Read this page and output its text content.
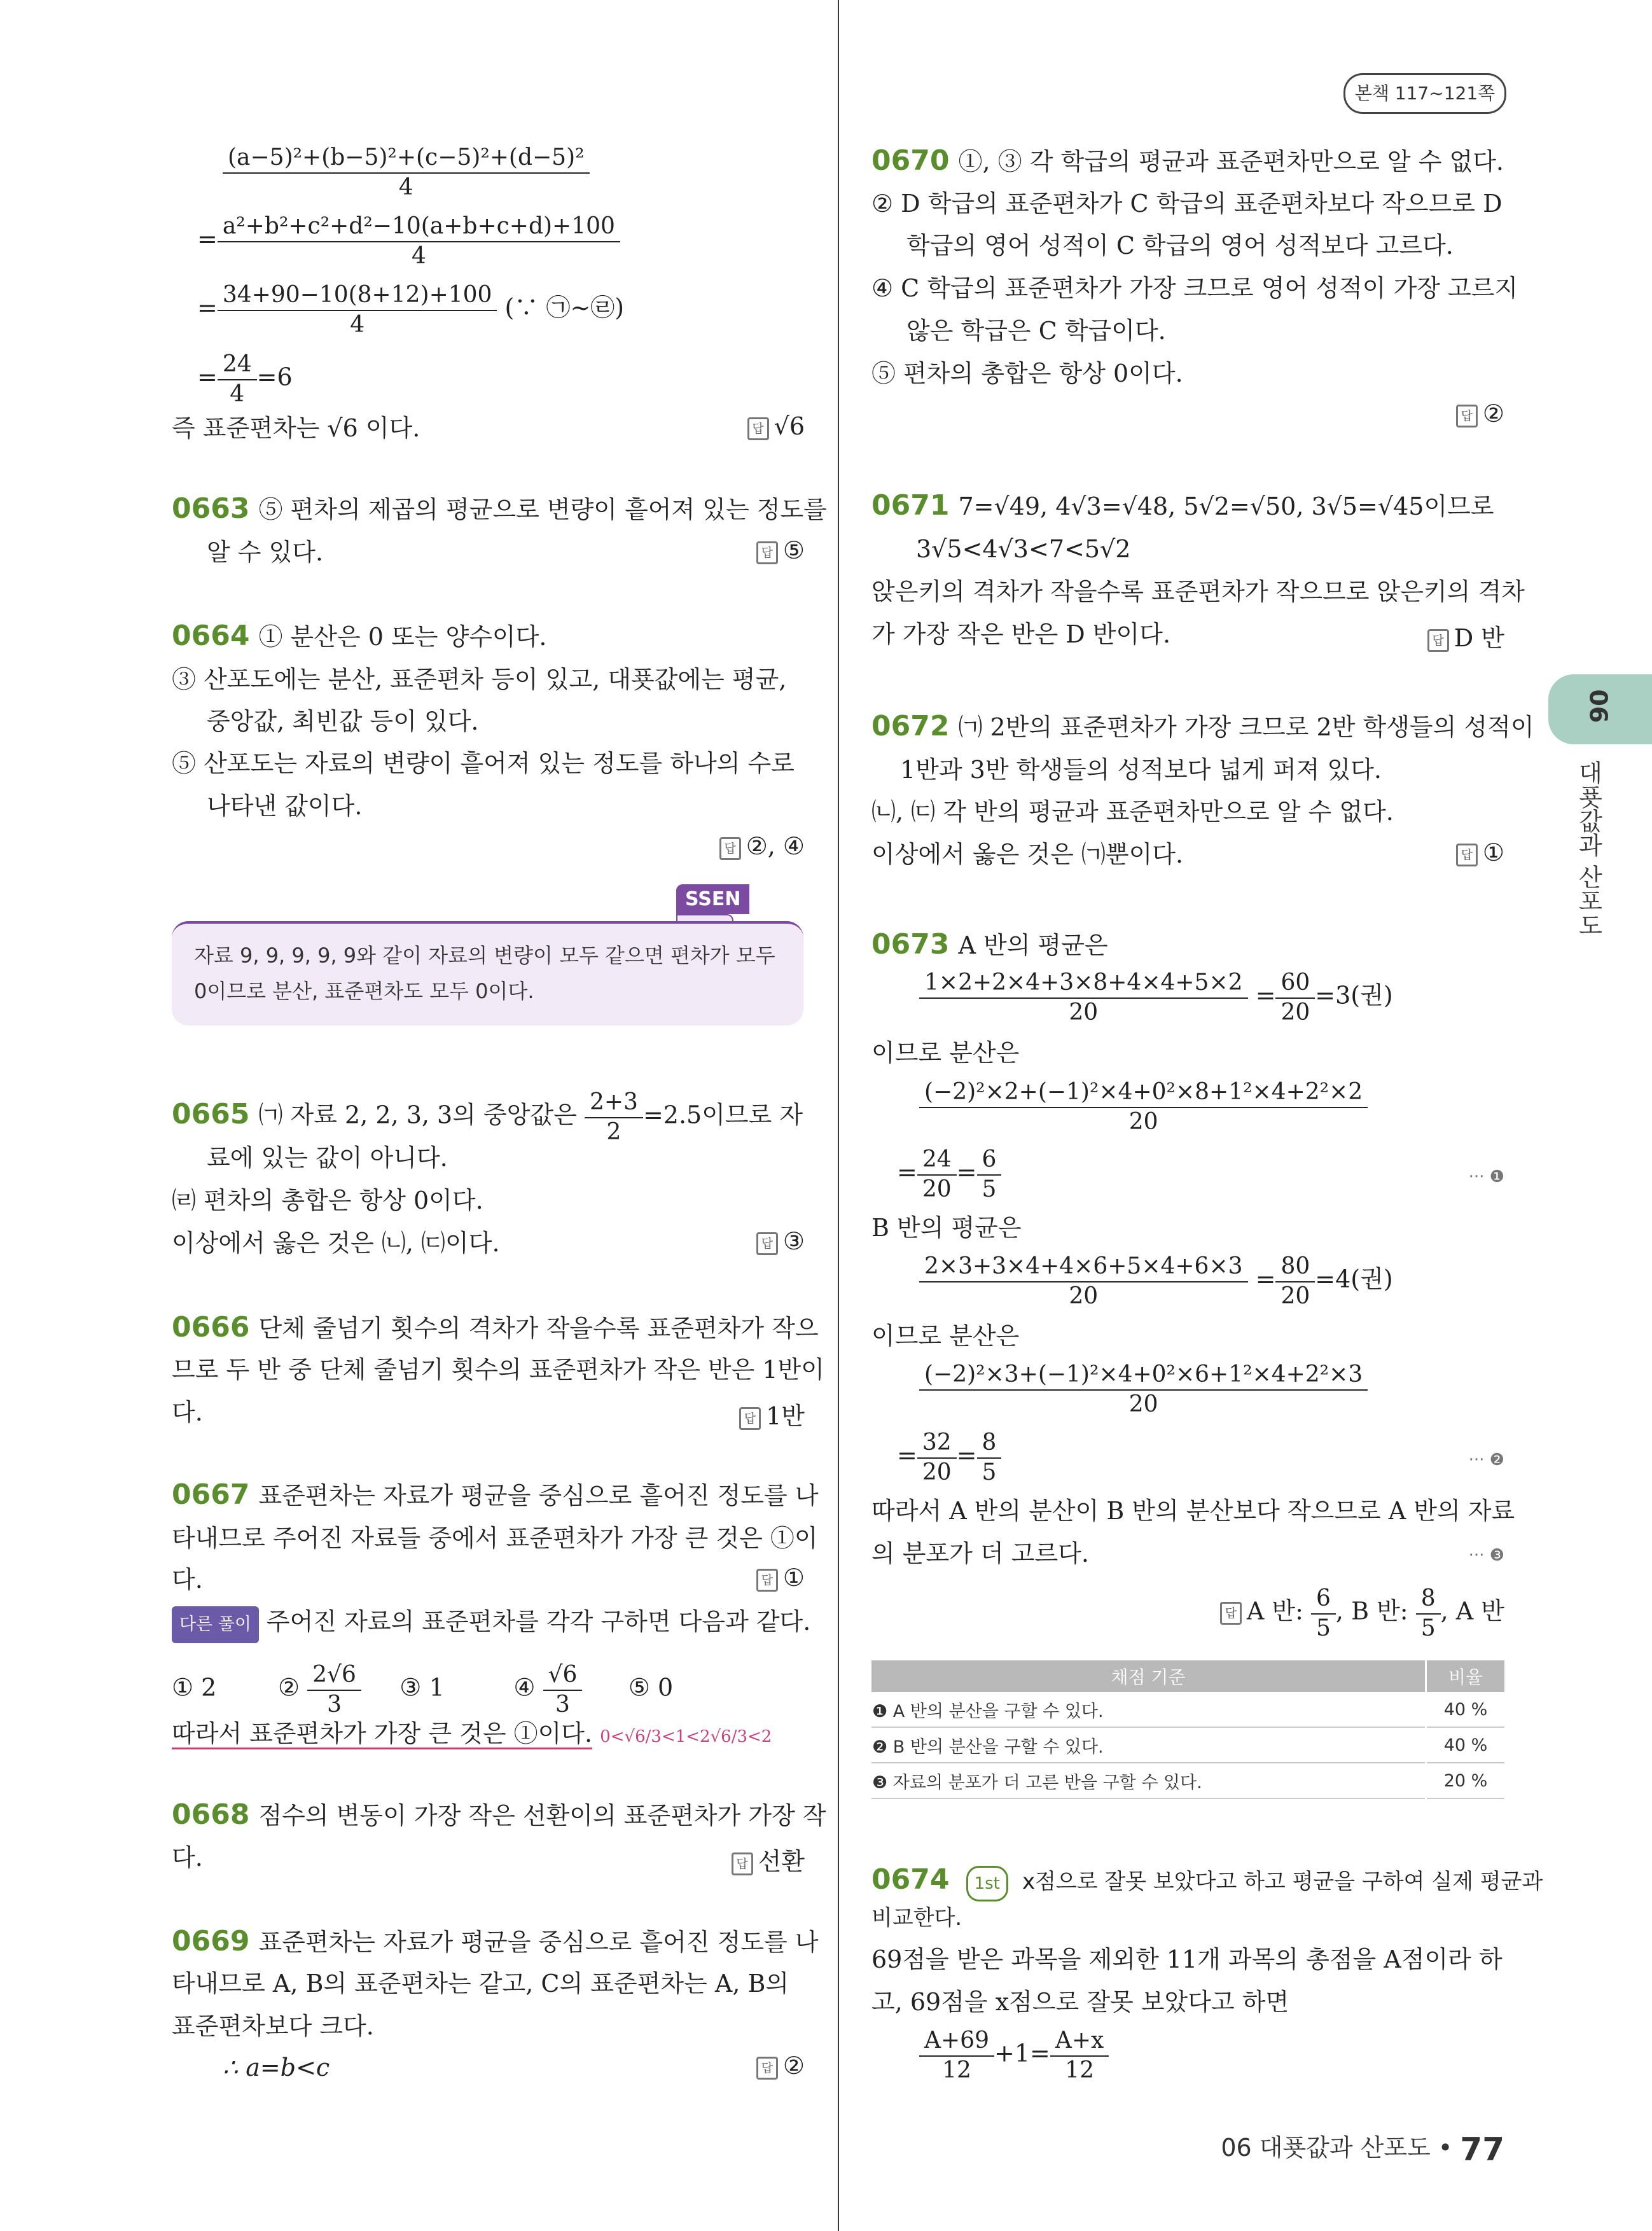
본책 117~121쪽
06
대푯값과 산포도
$\frac{\text{(a−5)²+(b−5)²+(c−5)²+(d−5)²}}{4}$
= $\frac{\text{a²+b²+c²+d²−10(a+b+c+d)+100}}{4}$
= $\frac{34+90-10(8+12)+100}{4}$ (∵ ㉠~㉣)
= $\frac{24}{4} =6$
즉 표준편차는 √6 이다.	답 √6
0663 ⑤ 편차의 제곱의 평균으로 변량이 흩어져 있는 정도를
알 수 있다.	답 ⑤
0664 ① 분산은 0 또는 양수이다.
③ 산포도에는 분산, 표준편차 등이 있고, 대푯값에는 평균,
중앙값, 최빈값 등이 있다.
⑤ 산포도는 자료의 변량이 흩어져 있는 정도를 하나의 수로
나타낸 값이다.
답 ②, ④
SSEN
자료 9, 9, 9, 9, 9와 같이 자료의 변량이 모두 같으면 편차가 모두 0이므로 분산, 표준편차도 모두 0이다.
0665 ㈀ 자료 2, 2, 3, 3의 중앙값은 $\frac{2+3}{2} =2.5$이므로 자
료에 있는 값이 아니다.
㈃ 편차의 총합은 항상 0이다.
이상에서 옳은 것은 ㈁, ㈂이다.	답 ③
0666 단체 줄넘기 횟수의 격차가 작을수록 표준편차가 작으
므로 두 반 중 단체 줄넘기 횟수의 표준편차가 작은 반은 1반이
다.	답 1반
0667 표준편차는 자료가 평균을 중심으로 흩어진 정도를 나
타내므로 주어진 자료들 중에서 표준편차가 가장 큰 것은 ①이
다.	답 ①
다른 풀이 주어진 자료의 표준편차를 각각 구하면 다음과 같다.
① 2	② $\frac{2√6}{3}$ ③ 1	④ $\frac{√6}{3}$ ⑤ 0
따라서 표준편차가 가장 큰 것은 ①이다. 0<√6/3<1<2√6/3<2
0668 점수의 변동이 가장 작은 선환이의 표준편차가 가장 작
다.	답 선환
0669 표준편차는 자료가 평균을 중심으로 흩어진 정도를 나
타내므로 A, B의 표준편차는 같고, C의 표준편차는 A, B의
표준편차보다 크다.
∴ a=b<c	답 ②
0670 ①, ③ 각 학급의 평균과 표준편차만으로 알 수 없다.
② D 학급의 표준편차가 C 학급의 표준편차보다 작으므로 D
학급의 영어 성적이 C 학급의 영어 성적보다 고르다.
④ C 학급의 표준편차가 가장 크므로 영어 성적이 가장 고르지
않은 학급은 C 학급이다.
⑤ 편차의 총합은 항상 0이다.
답 ②
0671 7=√49, 4√3=√48, 5√2=√50, 3√5=√45이므로
3√5<4√3<7<5√2
앉은키의 격차가 작을수록 표준편차가 작으므로 앉은키의 격차
가 가장 작은 반은 D 반이다.	답 D 반
0672 ㈀ 2반의 표준편차가 가장 크므로 2반 학생들의 성적이
1반과 3반 학생들의 성적보다 넓게 퍼져 있다.
㈁, ㈂ 각 반의 평균과 표준편차만으로 알 수 없다.
이상에서 옳은 것은 ㈀뿐이다.	답 ①
0673 A 반의 평균은
$\frac{1\times 2+2\times 4+3\times 8+4\times 4+5\times 2}{20} = \frac{60}{20} =3$(권)
이므로 분산은
$\frac{\text{(−2)²×2+(−1)²×4+0²×8+1²×4+2²×2}}{20}$
= $\frac{24}{20} = \frac{6}{5}$	··· ❶
B 반의 평균은
$\frac{2\times 3+3\times 4+4\times 6+5\times 4+6\times 3}{20} = \frac{80}{20} =4$(권)
이므로 분산은
$\frac{\text{(−2)²×3+(−1)²×4+0²×6+1²×4+2²×3}}{20}$
= $\frac{32}{20} = \frac{8}{5}$	··· ❷
따라서 A 반의 분산이 B 반의 분산보다 작으므로 A 반의 자료
의 분포가 더 고르다.	··· ❸
답 A 반: $\frac{6}{5}$ , B 반: $\frac{8}{5}$ , A 반
채점 기준	비율
❶ A 반의 분산을 구할 수 있다.	40 %
❷ B 반의 분산을 구할 수 있다.	40 %
❸ 자료의 분포가 더 고른 반을 구할 수 있다.	20 %
0674 1st x점으로 잘못 보았다고 하고 평균을 구하여 실제 평균과
비교한다.
69점을 받은 과목을 제외한 11개 과목의 총점을 A점이라 하
고, 69점을 x점으로 잘못 보았다고 하면
$\frac{A+69}{12} +1= \frac{A+x}{12}$
06 대푯값과 산포도 • 77
